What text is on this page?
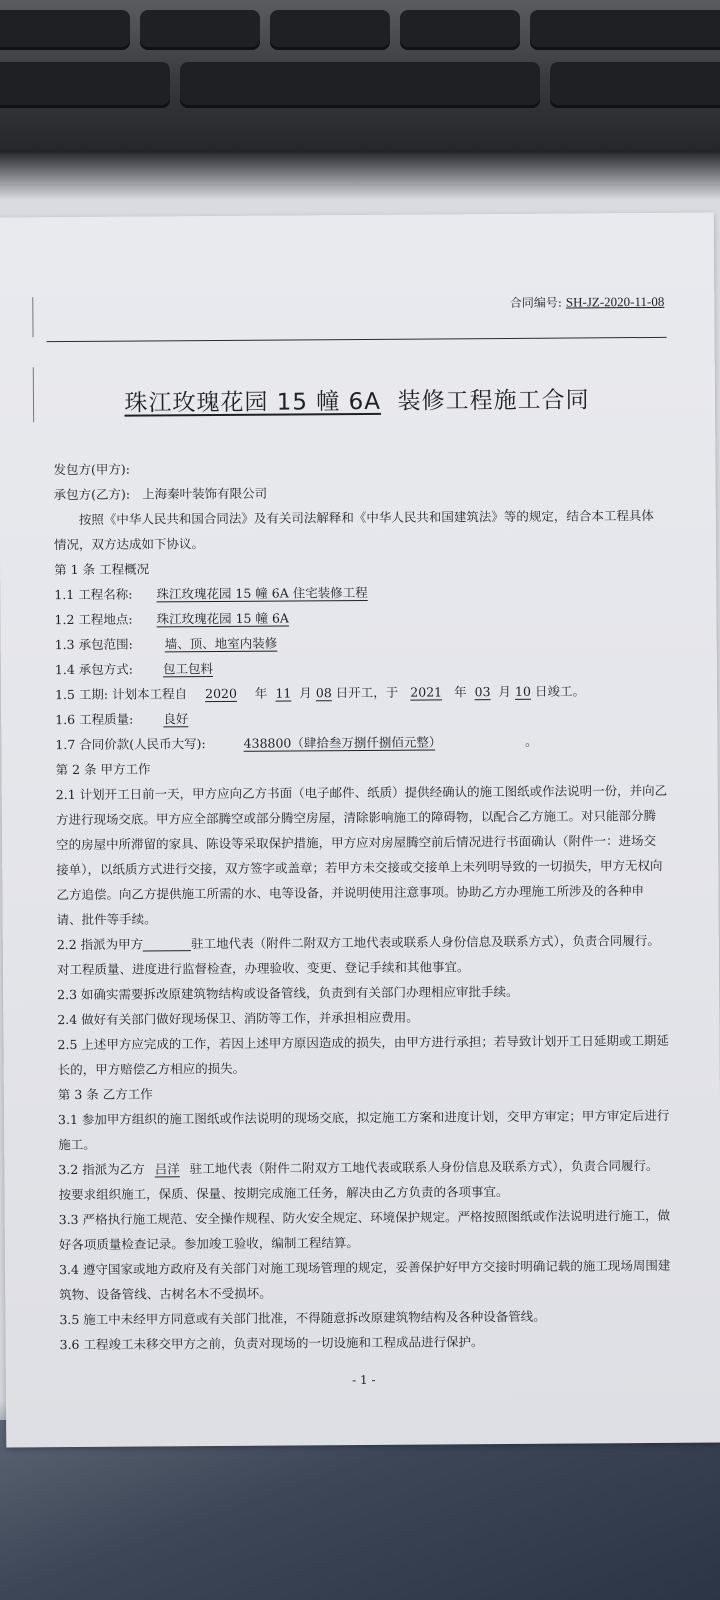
合同编号: SH-JZ-2020-11-08
珠江玫瑰花园 15 幢 6A 装修工程施工合同

发包方(甲方):

承包方(乙方): 上海秦叶装饰有限公司

按照《中华人民共和国合同法》及有关司法解释和《中华人民共和国建筑法》等的规定，结合本工程具体情况，双方达成如下协议。

第 1 条 工程概况

1.1 工程名称: 珠江玫瑰花园 15 幢 6A 住宅装修工程

1.2 工程地点: 珠江玫瑰花园 15 幢 6A

1.3 承包范围:	墙、顶、地室内装修

1.4 承包方式: 包工包料

1.5 工期: 计划本工程自 2020 年 11 月 08 日开工，于 2021 年 03 月 10 日竣工。

1.6 工程质量: 良好

1.7 合同价款(人民币大写):	438800（肆拾叁万捌仟捌佰元整）	。

第 2 条 甲方工作

2.1 计划开工日前一天，甲方应向乙方书面（电子邮件、纸质）提供经确认的施工图纸或作法说明一份，并向乙方进行现场交底。甲方应全部腾空或部分腾空房屋，清除影响施工的障碍物，以配合乙方施工。对只能部分腾空的房屋中所滞留的家具、陈设等采取保护措施，甲方应对房屋腾空前后情况进行书面确认（附件一：进场交接单），以纸质方式进行交接，双方签字或盖章；若甲方未交接或交接单上未列明导致的一切损失，甲方无权向乙方追偿。向乙方提供施工所需的水、电等设备，并说明使用注意事项。协助乙方办理施工所涉及的各种申请、批件等手续。

2.2 指派为甲方	驻工地代表（附件二附双方工地代表或联系人身份信息及联系方式），负责合同履行。对工程质量、进度进行监督检查，办理验收、变更、登记手续和其他事宜。

2.3 如确实需要拆改原建筑物结构或设备管线，负责到有关部门办理相应审批手续。

2.4 做好有关部门做好现场保卫、消防等工作，并承担相应费用。

2.5 上述甲方应完成的工作，若因上述甲方原因造成的损失，由甲方进行承担；若导致计划开工日延期或工期延长的，甲方赔偿乙方相应的损失。

第 3 条 乙方工作

3.1 参加甲方组织的施工图纸或作法说明的现场交底，拟定施工方案和进度计划，交甲方审定；甲方审定后进行施工。

3.2 指派为乙方 吕洋 驻工地代表（附件二附双方工地代表或联系人身份信息及联系方式），负责合同履行。按要求组织施工，保质、保量、按期完成施工任务，解决由乙方负责的各项事宜。

3.3 严格执行施工规范、安全操作规程、防火安全规定、环境保护规定。严格按照图纸或作法说明进行施工，做好各项质量检查记录。参加竣工验收，编制工程结算。

3.4 遵守国家或地方政府及有关部门对施工现场管理的规定，妥善保护好甲方交接时明确记载的施工现场周围建筑物、设备管线、古树名木不受损坏。

3.5 施工中未经甲方同意或有关部门批准，不得随意拆改原建筑物结构及各种设备管线。

3.6 工程竣工未移交甲方之前，负责对现场的一切设施和工程成品进行保护。

- 1 -
